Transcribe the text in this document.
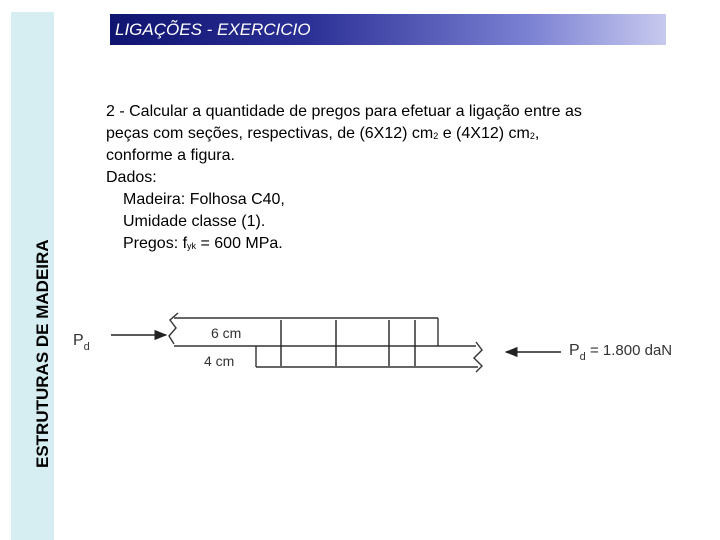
ESTRUTURAS DE MADEIRA
LIGAÇÕES - EXERCICIO
2 - Calcular a quantidade de pregos para efetuar a ligação entre as
peças com seções, respectivas, de (6X12) cm2 e (4X12) cm2,
conforme a figura.
Dados:
Madeira: Folhosa C40,
Umidade classe (1).
Pregos: fyk = 600 MPa.
$P_d$
6 cm
4 cm
$P_d = 1.800$ daN
